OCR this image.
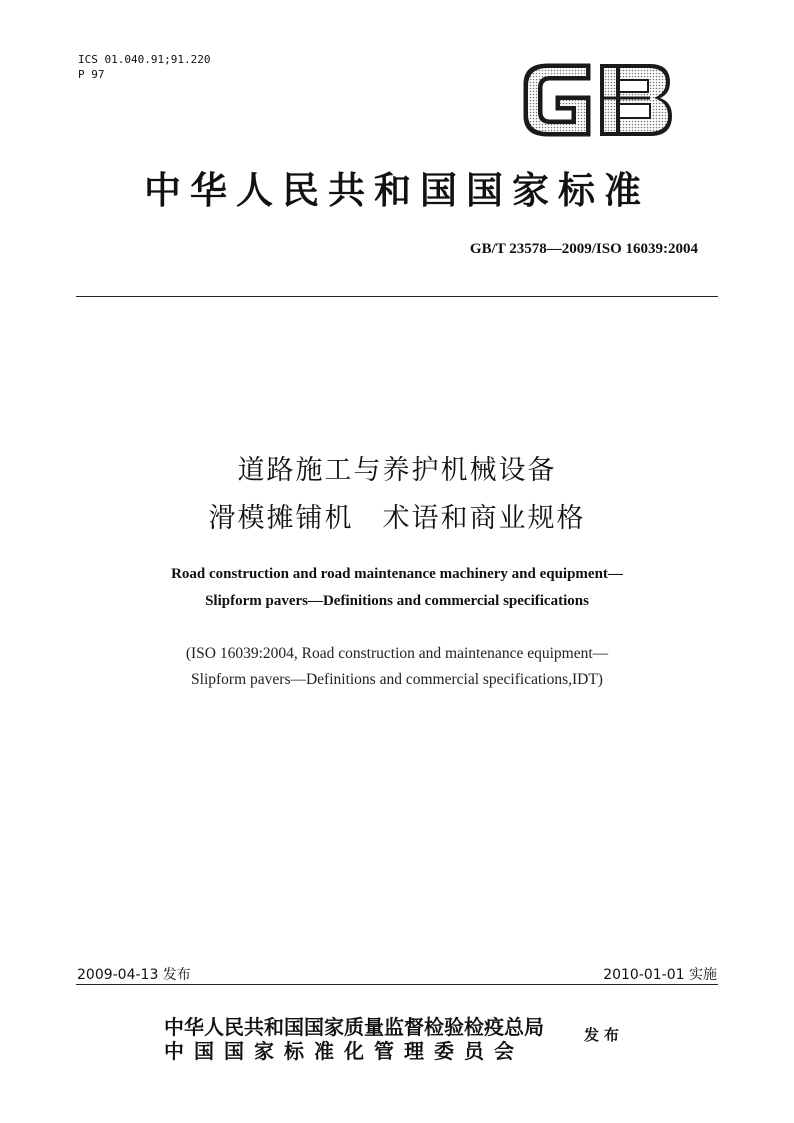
ICS 01.040.91;91.220
P 97
中华人民共和国国家标准
GB/T 23578—2009/ISO 16039:2004
道路施工与养护机械设备
滑模摊铺机　术语和商业规格
Road construction and road maintenance machinery and equipment—
Slipform pavers—Definitions and commercial specifications
(ISO 16039:2004, Road construction and maintenance equipment—
Slipform pavers—Definitions and commercial specifications,IDT)
2009-04-13 发布	2010-01-01 实施
中华人民共和国国家质量监督检验检疫总局
中国国家标准化管理委员会
发布
